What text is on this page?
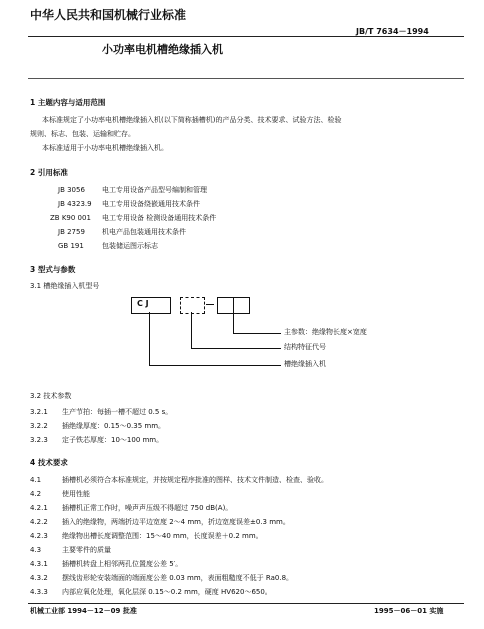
中华人民共和国机械行业标准
JB/T 7634－1994
小功率电机槽绝缘插入机
1 主题内容与适用范围
本标准规定了小功率电机槽绝缘插入机(以下简称插槽机)的产品分类、技术要求、试验方法、检验
规则、标志、包装、运输和贮存。
本标准适用于小功率电机槽绝缘插入机。
2 引用标准
JB 3056 电工专用设备产品型号编制和管理
JB 4323.9 电工专用设备绕嵌通用技术条件
ZB K90 001 电工专用设备 检测设备通用技术条件
JB 2759 机电产品包装通用技术条件
GB 191	包装储运图示标志
3 型式与参数
3.1 槽绝缘插入机型号
C J
主参数：绝缘物长度×宽度
结构特征代号
槽绝缘插入机
3.2 技术参数
3.2.1 生产节拍：每插一槽不超过 0.5 s。
3.2.2 插绝缘厚度：0.15～0.35 mm。
3.2.3 定子铁芯厚度：10～100 mm。
4 技术要求
4.1	插槽机必须符合本标准规定，并按规定程序批准的图样、技术文件制造、检查、验收。
4.2	使用性能
4.2.1 插槽机正常工作时，噪声声压级不得超过 750 dB(A)。
4.2.2 插入的绝缘物，两端折边平边宽度 2～4 mm，折边宽度误差±0.3 mm。
4.2.3 绝缘物出槽长度调整范围：15～40 mm，长度误差＋0.2 mm。
4.3	主要零件的质量
4.3.1 插槽机转盘上相邻两孔位置度公差 5′。
4.3.2 摆线齿形轮安装端面的端面度公差 0.03 mm，表面粗糙度不低于 Ra0.8。
4.3.3 内部应氧化处理，氧化层深 0.15～0.2 mm，硬度 HV620～650。
机械工业部 1994－12－09 批准	1995－06－01 实施
